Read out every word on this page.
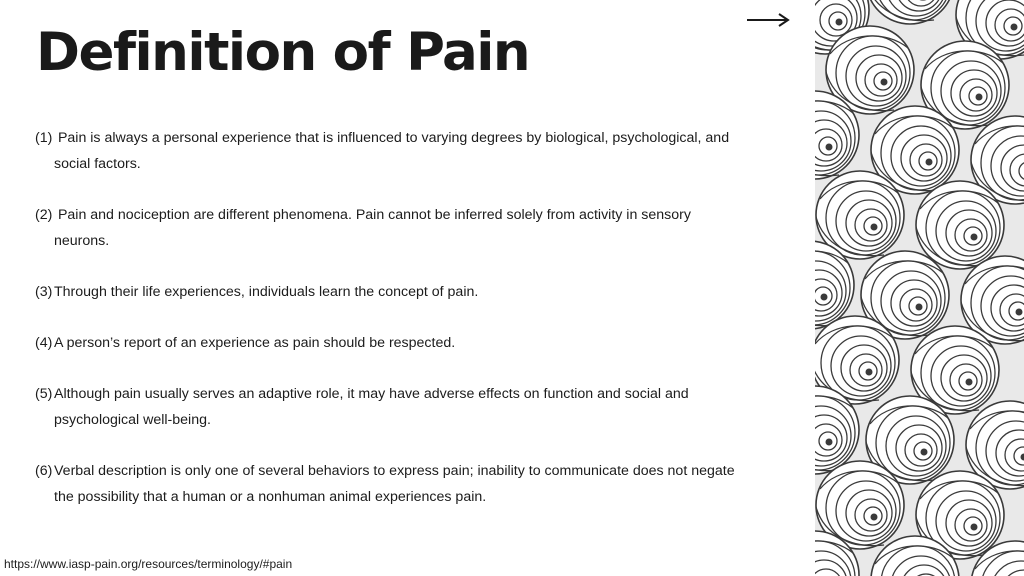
Definition of Pain
(1) Pain is always a personal experience that is influenced to varying degrees by biological, psychological, and
social factors.
(2) Pain and nociception are different phenomena. Pain cannot be inferred solely from activity in sensory
neurons.
(3) Through their life experiences, individuals learn the concept of pain.
(4) A person’s report of an experience as pain should be respected.
(5) Although pain usually serves an adaptive role, it may have adverse effects on function and social and
psychological well-being.
(6) Verbal description is only one of several behaviors to express pain; inability to communicate does not negate
the possibility that a human or a nonhuman animal experiences pain.
https://www.iasp-pain.org/resources/terminology/#pain
